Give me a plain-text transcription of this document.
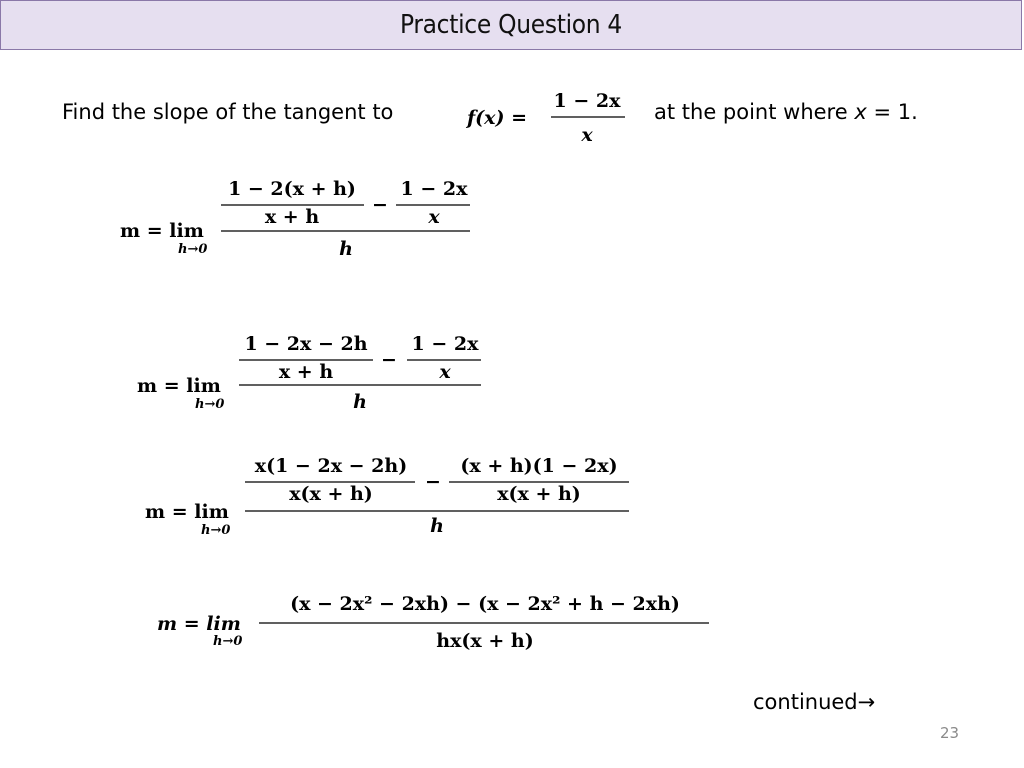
Practice Question 4
Find the slope of the tangent to	f(x) =
1 − 2x
x
at the point where x = 1.
m = lim
h→0
1 − 2(x + h)
x + h
−
1 − 2x
x
h
m = lim
h→0
1 − 2x − 2h
x + h
−
1 − 2x
x
h
m = lim
h→0
x(1 − 2x − 2h)
x(x + h)
−
(x + h)(1 − 2x)
x(x + h)
h
m = lim
h→0
(x − 2x² − 2xh) − (x − 2x² + h − 2xh)
hx(x + h)
continued→
23
